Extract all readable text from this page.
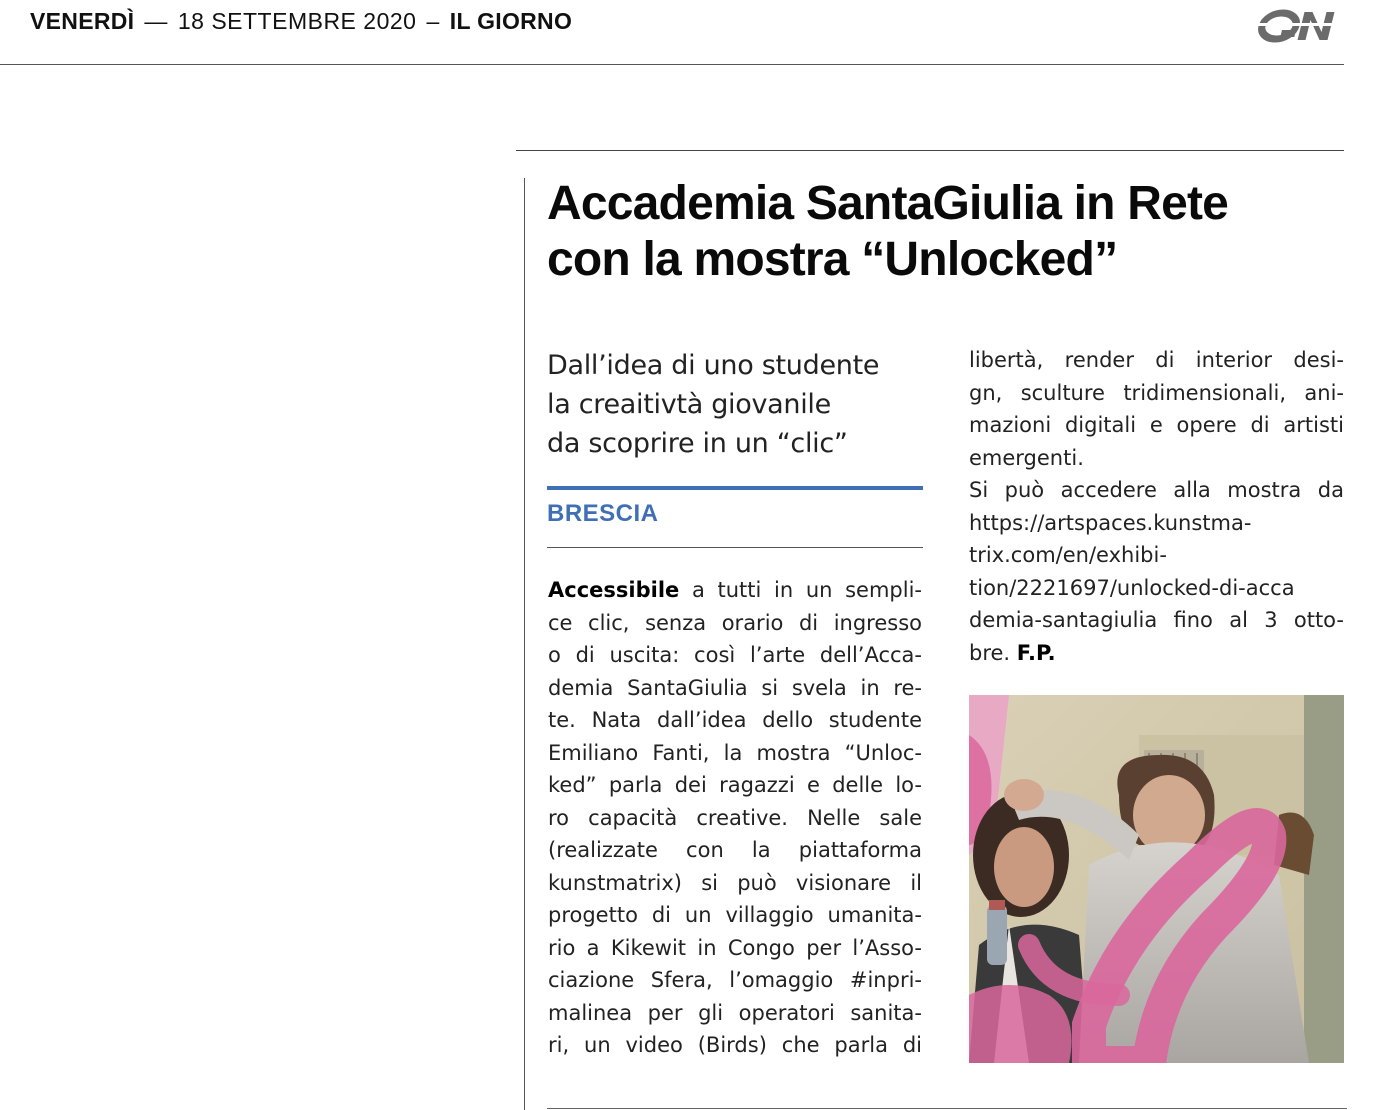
VENERDÌ — 18 SETTEMBRE 2020 – IL GIORNO
Accademia SantaGiulia in Rete
con la mostra “Unlocked”
Dall’idea di uno studente
la creaitivtà giovanile
da scoprire in un “clic”
BRESCIA
Accessibile a tutti in un sempli-
ce clic, senza orario di ingresso
o di uscita: così l’arte dell’Acca-
demia SantaGiulia si svela in re-
te. Nata dall’idea dello studente
Emiliano Fanti, la mostra “Unloc-
ked” parla dei ragazzi e delle lo-
ro capacità creative. Nelle sale
(realizzate con la piattaforma
kunstmatrix) si può visionare il
progetto di un villaggio umanita-
rio a Kikewit in Congo per l’Asso-
ciazione Sfera, l’omaggio #inpri-
malinea per gli operatori sanita-
ri, un video (Birds) che parla di
libertà, render di interior desi-
gn, sculture tridimensionali, ani-
mazioni digitali e opere di artisti
emergenti.
Si può accedere alla mostra da
https://artspaces.kunstma-
trix.com/en/exhibi-
tion/2221697/unlocked-di-acca
demia-santagiulia fino al 3 otto-
bre. F.P.
